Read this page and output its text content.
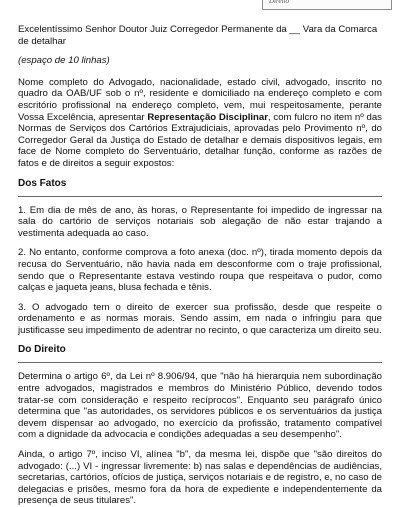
Direito

Excelentíssimo Senhor Doutor Juiz Corregedor Permanente da __ Vara da Comarca de detalhar

(espaço de 10 linhas)

Nome completo do Advogado, nacionalidade, estado civil, advogado, inscrito no quadro da OAB/UF sob o nº, residente e domiciliado na endereço completo e com escritório profissional na endereço completo, vem, mui respeitosamente, perante Vossa Excelência, apresentar Representação Disciplinar, com fulcro no item nº das Normas de Serviços dos Cartórios Extrajudiciais, aprovadas pelo Provimento nº, do Corregedor Geral da Justiça do Estado de detalhar e demais dispositivos legais, em face de Nome completo do Serventuário, detalhar função, conforme as razões de fatos e de direitos a seguir expostos:

Dos Fatos

1. Em dia de mês de ano, às horas, o Representante foi impedido de ingressar na sala do cartório de serviços notariais sob alegação de não estar trajando a vestimenta adequada ao caso.

2. No entanto, conforme comprova a foto anexa (doc. nº), tirada momento depois da recusa do Serventuário, não havia nada em desconforme com o traje profissional, sendo que o Representante estava vestindo roupa que respeitava o pudor, como calças e jaqueta jeans, blusa fechada e tênis.

3. O advogado tem o direito de exercer sua profissão, desde que respeite o ordenamento e as normas morais. Sendo assim, em nada o infringiu para que justificasse seu impedimento de adentrar no recinto, o que caracteriza um direito seu.

Do Direito

Determina o artigo 6º, da Lei nº 8.906/94, que "não há hierarquia nem subordinação entre advogados, magistrados e membros do Ministério Público, devendo todos tratar-se com consideração e respeito recíprocos". Enquanto seu parágrafo único determina que "as autoridades, os servidores públicos e os serventuários da justiça devem dispensar ao advogado, no exercício da profissão, tratamento compatível com a dignidade da advocacia e condições adequadas a seu desempenho".

Ainda, o artigo 7º, inciso VI, alínea "b", da mesma lei, dispõe que "são direitos do advogado: (...) VI - ingressar livremente: b) nas salas e dependências de audiências, secretarias, cartórios, ofícios de justiça, serviços notariais e de registro, e, no caso de delegacias e prisões, mesmo fora da hora de expediente e independentemente da presença de seus titulares".
